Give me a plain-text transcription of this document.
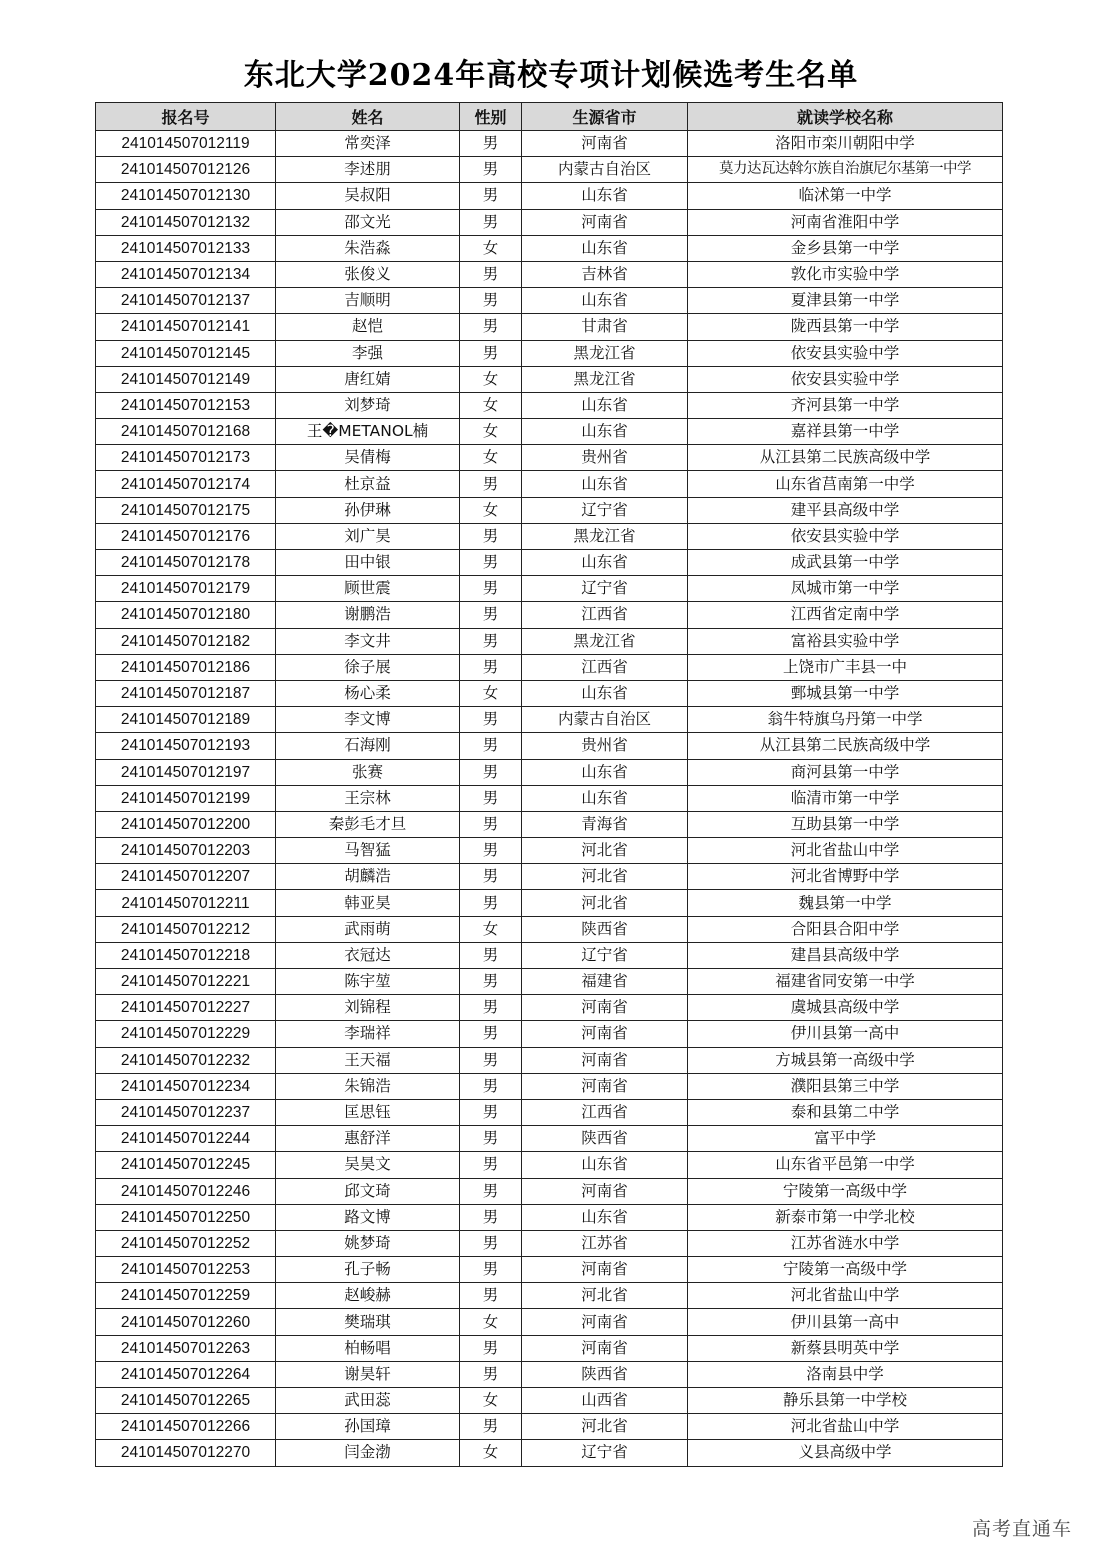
东北大学2024年高校专项计划候选考生名单
报名号	姓名	性别	生源省市	就读学校名称
241014507012119	常奕泽	男	河南省	洛阳市栾川朝阳中学
241014507012126	李述朋	男	内蒙古自治区	莫力达瓦达斡尔族自治旗尼尔基第一中学
241014507012130	吴叔阳	男	山东省	临沭第一中学
241014507012132	邵文光	男	河南省	河南省淮阳中学
241014507012133	朱浩淼	女	山东省	金乡县第一中学
241014507012134	张俊义	男	吉林省	敦化市实验中学
241014507012137	吉顺明	男	山东省	夏津县第一中学
241014507012141	赵恺	男	甘肃省	陇西县第一中学
241014507012145	李强	男	黑龙江省	依安县实验中学
241014507012149	唐红婧	女	黑龙江省	依安县实验中学
241014507012153	刘梦琦	女	山东省	齐河县第一中学
241014507012168	王�METANOL楠	女	山东省	嘉祥县第一中学
241014507012173	吴倩梅	女	贵州省	从江县第二民族高级中学
241014507012174	杜京益	男	山东省	山东省莒南第一中学
241014507012175	孙伊琳	女	辽宁省	建平县高级中学
241014507012176	刘广昊	男	黑龙江省	依安县实验中学
241014507012178	田中银	男	山东省	成武县第一中学
241014507012179	顾世震	男	辽宁省	凤城市第一中学
241014507012180	谢鹏浩	男	江西省	江西省定南中学
241014507012182	李文井	男	黑龙江省	富裕县实验中学
241014507012186	徐子展	男	江西省	上饶市广丰县一中
241014507012187	杨心柔	女	山东省	鄄城县第一中学
241014507012189	李文博	男	内蒙古自治区	翁牛特旗乌丹第一中学
241014507012193	石海刚	男	贵州省	从江县第二民族高级中学
241014507012197	张赛	男	山东省	商河县第一中学
241014507012199	王宗林	男	山东省	临清市第一中学
241014507012200	秦彭毛才旦	男	青海省	互助县第一中学
241014507012203	马智猛	男	河北省	河北省盐山中学
241014507012207	胡麟浩	男	河北省	河北省博野中学
241014507012211	韩亚昊	男	河北省	魏县第一中学
241014507012212	武雨萌	女	陕西省	合阳县合阳中学
241014507012218	衣冠达	男	辽宁省	建昌县高级中学
241014507012221	陈宇堃	男	福建省	福建省同安第一中学
241014507012227	刘锦程	男	河南省	虞城县高级中学
241014507012229	李瑞祥	男	河南省	伊川县第一高中
241014507012232	王天福	男	河南省	方城县第一高级中学
241014507012234	朱锦浩	男	河南省	濮阳县第三中学
241014507012237	匡思钰	男	江西省	泰和县第二中学
241014507012244	惠舒洋	男	陕西省	富平中学
241014507012245	吴昊文	男	山东省	山东省平邑第一中学
241014507012246	邱文琦	男	河南省	宁陵第一高级中学
241014507012250	路文博	男	山东省	新泰市第一中学北校
241014507012252	姚梦琦	男	江苏省	江苏省涟水中学
241014507012253	孔子畅	男	河南省	宁陵第一高级中学
241014507012259	赵峻赫	男	河北省	河北省盐山中学
241014507012260	樊瑞琪	女	河南省	伊川县第一高中
241014507012263	柏畅唱	男	河南省	新蔡县明英中学
241014507012264	谢昊轩	男	陕西省	洛南县中学
241014507012265	武田蕊	女	山西省	静乐县第一中学校
241014507012266	孙国璋	男	河北省	河北省盐山中学
241014507012270	闫金渤	女	辽宁省	义县高级中学
高考直通车
